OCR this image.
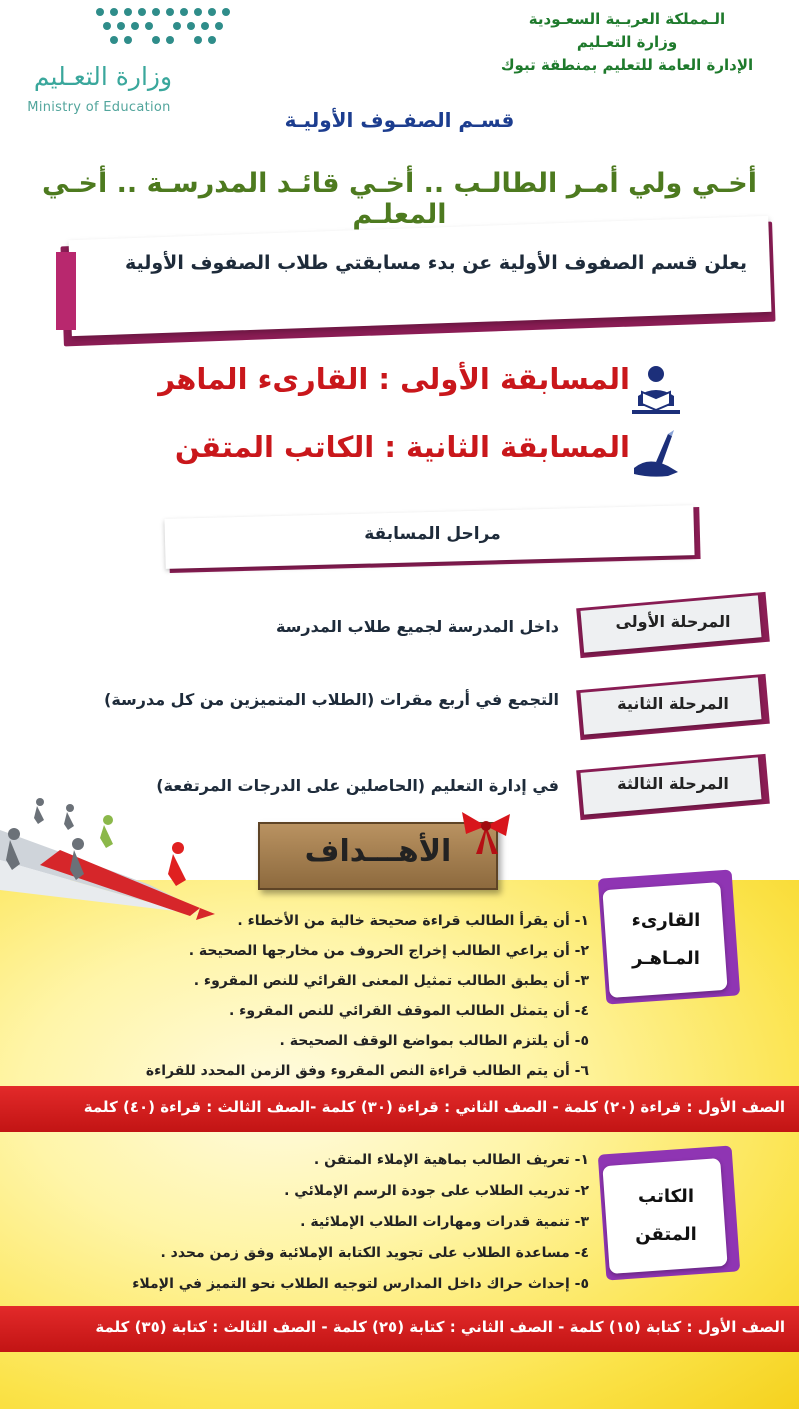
الـمملكة العربـية السعـودية
وزارة التعـليم
الإدارة العامة للتعليم بمنطقة تبوك
وزارة التعـليم
Ministry of Education
قسـم الصفـوف الأوليـة
أخـي ولي أمـر الطالـب .. أخـي قائـد المدرسـة .. أخـي المعلـم
يعلن قسم الصفوف الأولية عن بدء مسابقتي طلاب الصفوف الأولية
المسابقة الأولى : القارىء الماهر
المسابقة الثانية : الكاتب المتقن
مراحل المسابقة
المرحلة الأولى
داخل المدرسة لجميع طلاب المدرسة
المرحلة الثانية
التجمع في أربع مقرات (الطلاب المتميزين من كل مدرسة)
المرحلة الثالثة
في إدارة التعليم (الحاصلين على الدرجات المرتفعة)
الأهـــداف
القارىء
المـاهـر
١- أن يقرأ الطالب قراءة صحيحة خالية من الأخطاء .
٢- أن يراعي الطالب إخراج الحروف من مخارجها الصحيحة .
٣- أن يطبق الطالب تمثيل المعنى القرائي للنص المقروء .
٤- أن يتمثل الطالب الموقف القرائي للنص المقروء .
٥- أن يلتزم الطالب بمواضع الوقف الصحيحة .
٦- أن يتم الطالب قراءة النص المقروء وفق الزمن المحدد للقراءة
الصف الأول : قراءة (٢٠) كلمة - الصف الثاني : قراءة (٣٠) كلمة -الصف الثالث : قراءة (٤٠) كلمة
الكاتب
المتقن
١- تعريف الطالب بماهية الإملاء المتقن .
٢- تدريب الطلاب على جودة الرسم الإملائي .
٣- تنمية قدرات ومهارات الطلاب الإملائية .
٤- مساعدة الطلاب على تجويد الكتابة الإملائية وفق زمن محدد .
٥- إحداث حراك داخل المدارس لتوجيه الطلاب نحو التميز في الإملاء
الصف الأول : كتابة (١٥) كلمة - الصف الثاني : كتابة (٢٥) كلمة - الصف الثالث : كتابة (٣٥) كلمة
